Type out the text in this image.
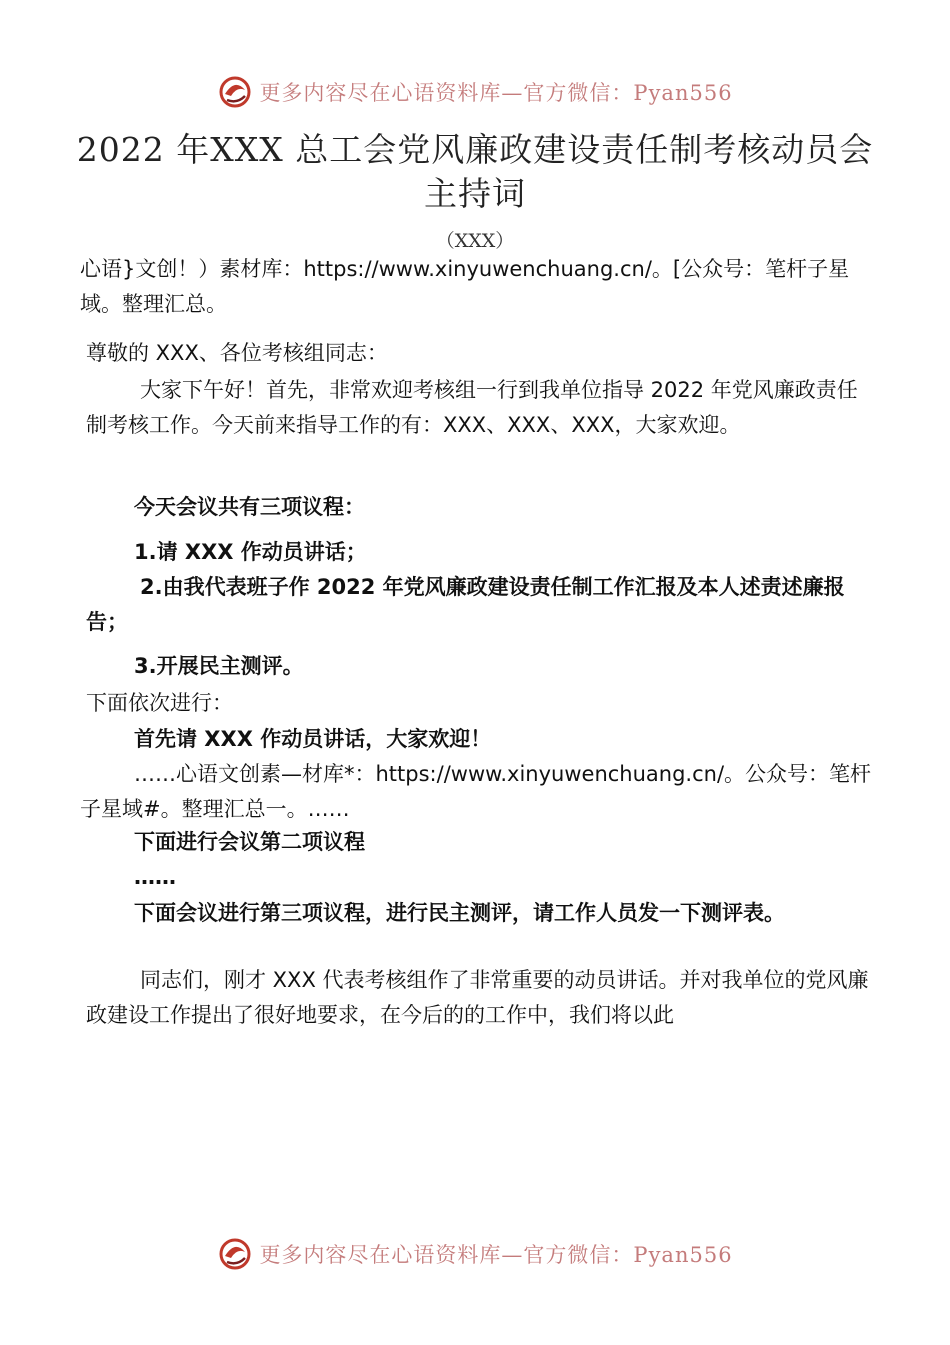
更多内容尽在心语资料库—官方微信：Pyan556
2022 年XXX 总工会党风廉政建设责任制考核动员会主持词
（XXX）

心语}文创！）素材库：https://www.xinyuwenchuang.cn/。[公众号：笔杆子星域。整理汇总。

尊敬的 XXX、各位考核组同志：

大家下午好！首先，非常欢迎考核组一行到我单位指导 2022 年党风廉政责任制考核工作。今天前来指导工作的有：XXX、XXX、XXX，大家欢迎。

今天会议共有三项议程：

1.请 XXX 作动员讲话；

2.由我代表班子作 2022 年党风廉政建设责任制工作汇报及本人述责述廉报告；

3.开展民主测评。

下面依次进行：

首先请 XXX 作动员讲话，大家欢迎！

……心语文创素—材库*：https://www.xinyuwenchuang.cn/。公众号：笔杆子星域#。整理汇总一。……

下面进行会议第二项议程

……

下面会议进行第三项议程，进行民主测评，请工作人员发一下测评表。

同志们，刚才 XXX 代表考核组作了非常重要的动员讲话。并对我单位的党风廉政建设工作提出了很好地要求，在今后的的工作中，我们将以此

更多内容尽在心语资料库—官方微信：Pyan556
